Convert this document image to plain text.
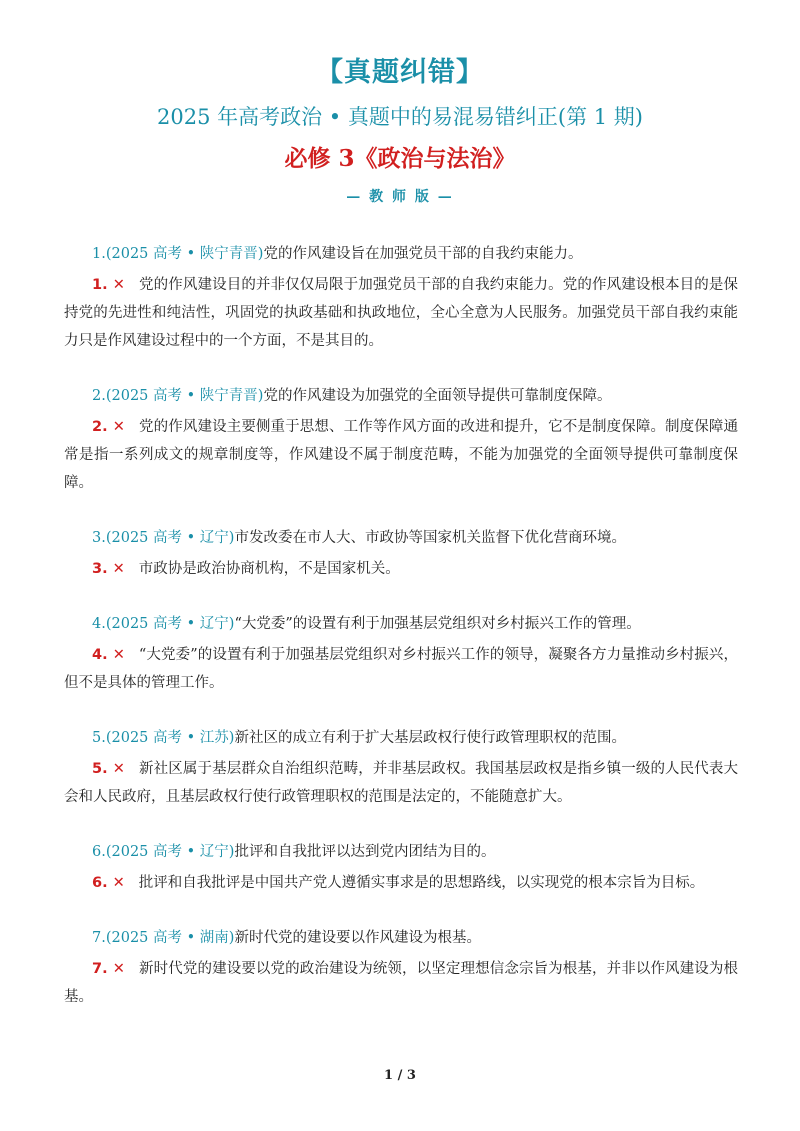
【真题纠错】
2025 年高考政治 • 真题中的易混易错纠正(第 1 期)
必修 3《政治与法治》
— 教 师 版 —
1.(2025 高考 • 陕宁青晋)党的作风建设旨在加强党员干部的自我约束能力。
1. ✕ 党的作风建设目的并非仅仅局限于加强党员干部的自我约束能力。党的作风建设根本目的是保持党的先进性和纯洁性，巩固党的执政基础和执政地位，全心全意为人民服务。加强党员干部自我约束能力只是作风建设过程中的一个方面，不是其目的。
2.(2025 高考 • 陕宁青晋)党的作风建设为加强党的全面领导提供可靠制度保障。
2. ✕ 党的作风建设主要侧重于思想、工作等作风方面的改进和提升，它不是制度保障。制度保障通常是指一系列成文的规章制度等，作风建设不属于制度范畴，不能为加强党的全面领导提供可靠制度保障。
3.(2025 高考 • 辽宁)市发改委在市人大、市政协等国家机关监督下优化营商环境。
3. ✕ 市政协是政治协商机构，不是国家机关。
4.(2025 高考 • 辽宁)“大党委”的设置有利于加强基层党组织对乡村振兴工作的管理。
4. ✕ “大党委”的设置有利于加强基层党组织对乡村振兴工作的领导，凝聚各方力量推动乡村振兴，但不是具体的管理工作。
5.(2025 高考 • 江苏)新社区的成立有利于扩大基层政权行使行政管理职权的范围。
5. ✕ 新社区属于基层群众自治组织范畴，并非基层政权。我国基层政权是指乡镇一级的人民代表大会和人民政府，且基层政权行使行政管理职权的范围是法定的，不能随意扩大。
6.(2025 高考 • 辽宁)批评和自我批评以达到党内团结为目的。
6. ✕ 批评和自我批评是中国共产党人遵循实事求是的思想路线，以实现党的根本宗旨为目标。
7.(2025 高考 • 湖南)新时代党的建设要以作风建设为根基。
7. ✕ 新时代党的建设要以党的政治建设为统领，以坚定理想信念宗旨为根基，并非以作风建设为根基。
1 / 3
